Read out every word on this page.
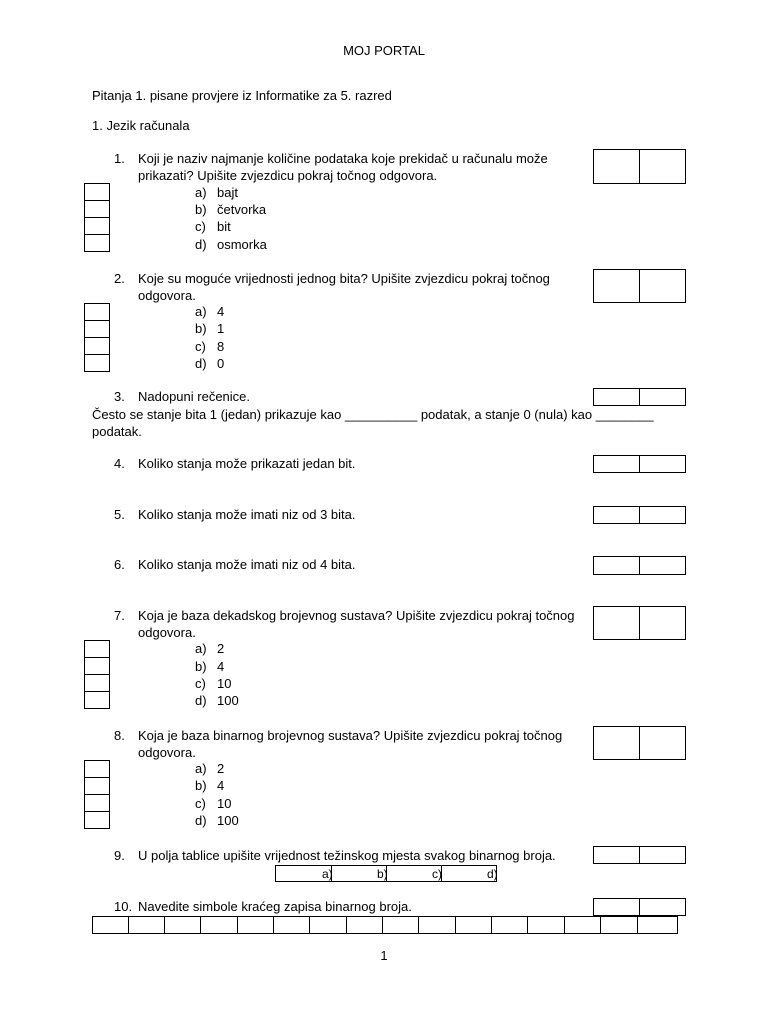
MOJ PORTAL
Pitanja 1. pisane provjere iz Informatike za 5. razred
1. Jezik računala
1. Koji je naziv najmanje količine podataka koje prekidač u računalu može
prikazati? Upišite zvjezdicu pokraj točnog odgovora.
a) bajt
b) četvorka
c) bit
d) osmorka
2. Koje su moguće vrijednosti jednog bita? Upišite zvjezdicu pokraj točnog
odgovora.
a) 4
b) 1
c) 8
d) 0
3. Nadopuni rečenice.
Često se stanje bita 1 (jedan) prikazuje kao __________ podatak, a stanje 0 (nula) kao ________
podatak.
4. Koliko stanja može prikazati jedan bit.
5. Koliko stanja može imati niz od 3 bita.
6. Koliko stanja može imati niz od 4 bita.
7. Koja je baza dekadskog brojevnog sustava? Upišite zvjezdicu pokraj točnog
odgovora.
a) 2
b) 4
c) 10
d) 100
8. Koja je baza binarnog brojevnog sustava? Upišite zvjezdicu pokraj točnog
odgovora.
a) 2
b) 4
c) 10
d) 100
9. U polja tablice upišite vrijednost težinskog mjesta svakog binarnog broja.
a)	b)	c)	d)
10. Navedite simbole kraćeg zapisa binarnog broja.
1
